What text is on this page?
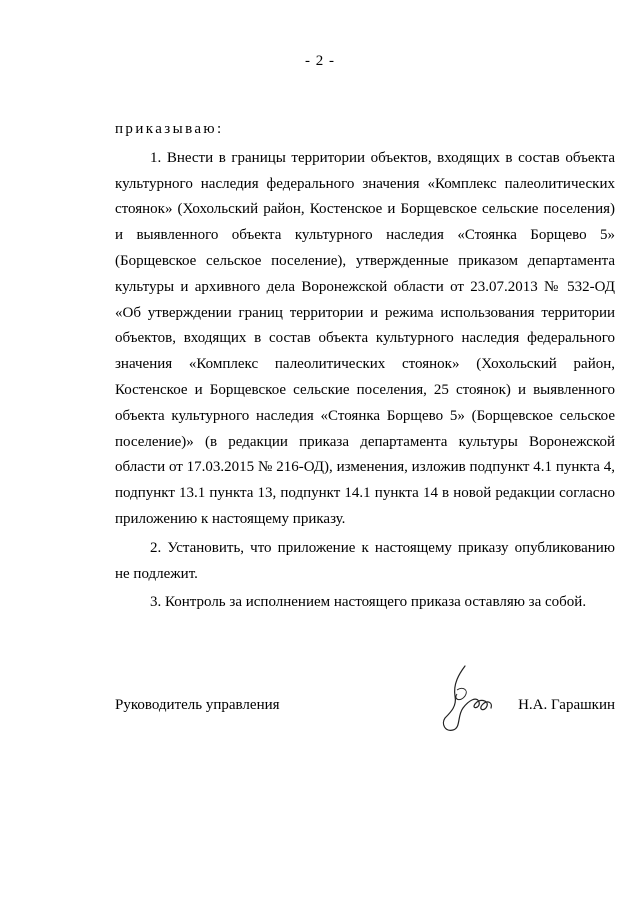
- 2 -

приказываю:

1. Внести в границы территории объектов, входящих в состав объекта культурного наследия федерального значения «Комплекс палеолитических стоянок» (Хохольский район, Костенское и Борщевское сельские поселения) и выявленного объекта культурного наследия «Стоянка Борщево 5» (Борщевское сельское поселение), утвержденные приказом департамента культуры и архивного дела Воронежской области от 23.07.2013 № 532-ОД «Об утверждении границ территории и режима использования территории объектов, входящих в состав объекта культурного наследия федерального значения «Комплекс палеолитических стоянок» (Хохольский район, Костенское и Борщевское сельские поселения, 25 стоянок) и выявленного объекта культурного наследия «Стоянка Борщево 5» (Борщевское сельское поселение)» (в редакции приказа департамента культуры Воронежской области от 17.03.2015 № 216-ОД), изменения, изложив подпункт 4.1 пункта 4, подпункт 13.1 пункта 13, подпункт 14.1 пункта 14 в новой редакции согласно приложению к настоящему приказу.

2. Установить, что приложение к настоящему приказу опубликованию не подлежит.

3. Контроль за исполнением настоящего приказа оставляю за собой.

Руководитель управления	Н.А. Гарашкин
